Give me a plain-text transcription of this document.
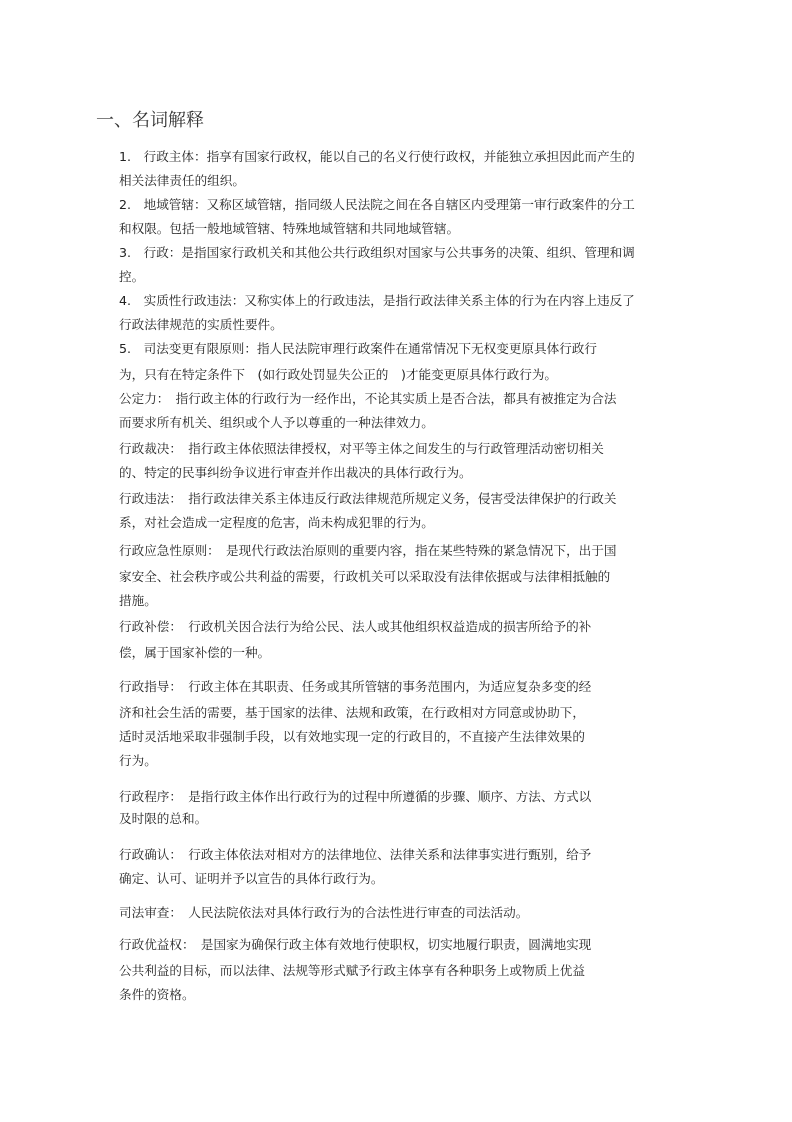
一、名词解释
1.　行政主体：指享有国家行政权，能以自己的名义行使行政权，并能独立承担因此而产生的
相关法律责任的组织。
2.　地域管辖：又称区域管辖，指同级人民法院之间在各自辖区内受理第一审行政案件的分工
和权限。包括一般地域管辖、特殊地域管辖和共同地域管辖。
3.　行政：是指国家行政机关和其他公共行政组织对国家与公共事务的决策、组织、管理和调
控。
4.　实质性行政违法：又称实体上的行政违法，是指行政法律关系主体的行为在内容上违反了
行政法律规范的实质性要件。
5.　司法变更有限原则：指人民法院审理行政案件在通常情况下无权变更原具体行政行
为，只有在特定条件下　(如行政处罚显失公正的　)才能变更原具体行政行为。
公定力：　指行政主体的行政行为一经作出，不论其实质上是否合法，都具有被推定为合法
而要求所有机关、组织或个人予以尊重的一种法律效力。
行政裁决：　指行政主体依照法律授权，对平等主体之间发生的与行政管理活动密切相关
的、特定的民事纠纷争议进行审查并作出裁决的具体行政行为。
行政违法：　指行政法律关系主体违反行政法律规范所规定义务，侵害受法律保护的行政关
系，对社会造成一定程度的危害，尚未构成犯罪的行为。
行政应急性原则：　是现代行政法治原则的重要内容，指在某些特殊的紧急情况下，出于国
家安全、社会秩序或公共利益的需要，行政机关可以采取没有法律依据或与法律相抵触的
措施。
行政补偿：　行政机关因合法行为给公民、法人或其他组织权益造成的损害所给予的补
偿，属于国家补偿的一种。
行政指导：　行政主体在其职责、任务或其所管辖的事务范围内，为适应复杂多变的经
济和社会生活的需要，基于国家的法律、法规和政策，在行政相对方同意或协助下，
适时灵活地采取非强制手段，以有效地实现一定的行政目的，不直接产生法律效果的
行为。
行政程序：　是指行政主体作出行政行为的过程中所遵循的步骤、顺序、方法、方式以
及时限的总和。
行政确认：　行政主体依法对相对方的法律地位、法律关系和法律事实进行甄别，给予
确定、认可、证明并予以宣告的具体行政行为。
司法审查：　人民法院依法对具体行政行为的合法性进行审查的司法活动。
行政优益权：　是国家为确保行政主体有效地行使职权，切实地履行职责，圆满地实现
公共利益的目标，而以法律、法规等形式赋予行政主体享有各种职务上或物质上优益
条件的资格。
